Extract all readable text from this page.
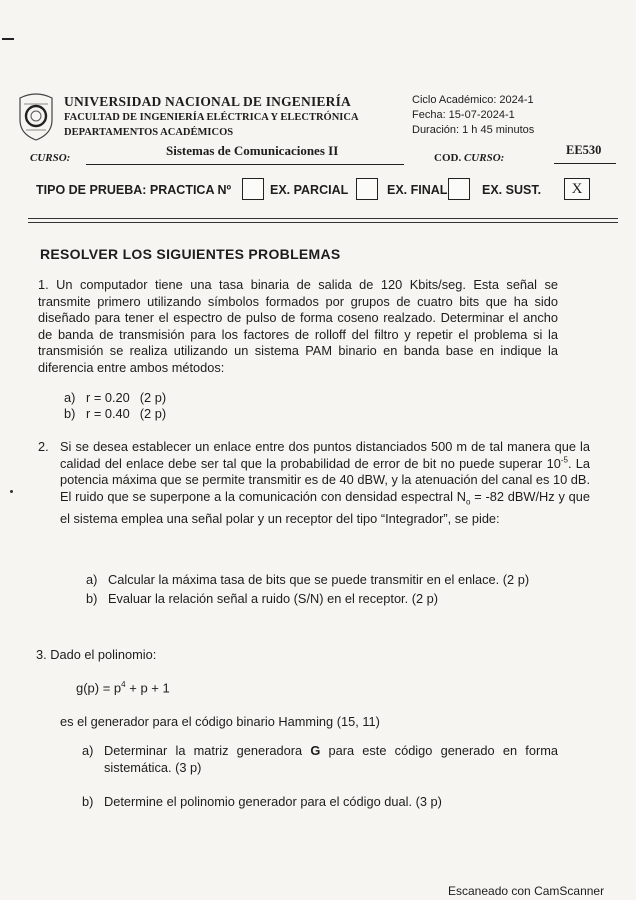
UNIVERSIDAD NACIONAL DE INGENIERÍA
FACULTAD DE INGENIERÍA ELÉCTRICA Y ELECTRÓNICA
DEPARTAMENTOS ACADÉMICOS
Ciclo Académico: 2024-1
Fecha: 15-07-2024-1
Duración: 1 h 45 minutos
CURSO:	Sistemas de Comunicaciones II	COD. CURSO:
EE530
TIPO DE PRUEBA: PRACTICA Nº	EX. PARCIAL	EX. FINAL	EX. SUST.	X
RESOLVER LOS SIGUIENTES PROBLEMAS
1. Un computador tiene una tasa binaria de salida de 120 Kbits/seg. Esta señal se transmite primero utilizando símbolos formados por grupos de cuatro bits que ha sido diseñado para tener el espectro de pulso de forma coseno realzado. Determinar el ancho de banda de transmisión para los factores de rolloff del filtro y repetir el problema si la transmisión se realiza utilizando un sistema PAM binario en banda base en indique la diferencia entre ambos métodos:
a) r = 0.20 (2 p)
b) r = 0.40 (2 p)
2. Si se desea establecer un enlace entre dos puntos distanciados 500 m de tal manera que la calidad del enlace debe ser tal que la probabilidad de error de bit no puede superar $10^{-5}$. La potencia máxima que se permite transmitir es de 40 dBW, y la atenuación del canal es 10 dB. El ruido que se superpone a la comunicación con densidad espectral $N_o = -82$ dBW/Hz y que el sistema emplea una señal polar y un receptor del tipo “Integrador”, se pide:
a) Calcular la máxima tasa de bits que se puede transmitir en el enlace. (2 p)
b) Evaluar la relación señal a ruido (S/N) en el receptor. (2 p)
3. Dado el polinomio:
$g(p) = p^4 + p + 1$
es el generador para el código binario Hamming (15, 11)
a) Determinar la matriz generadora G para este código generado en forma sistemática. (3 p)
b) Determine el polinomio generador para el código dual. (3 p)
Escaneado con CamScanner
